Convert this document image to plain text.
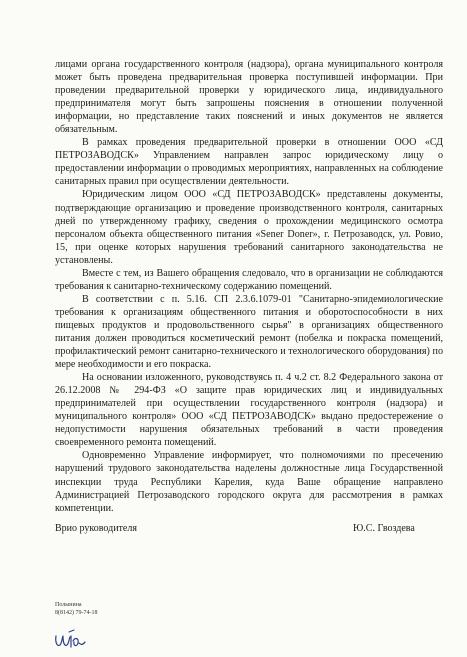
лицами органа государственного контроля (надзора), органа муниципального контроля может быть проведена предварительная проверка поступившей информации. При проведении предварительной проверки у юридического лица, индивидуального предпринимателя могут быть запрошены пояснения в отношении полученной информации, но представление таких пояснений и иных документов не является обязательным.

В рамках проведения предварительной проверки в отношении ООО «СД ПЕТРОЗАВОДСК» Управлением направлен запрос юридическому лицу о предоставлении информации о проводимых мероприятиях, направленных на соблюдение санитарных правил при осуществлении деятельности.

Юридическим лицом ООО «СД ПЕТРОЗАВОДСК» представлены документы, подтверждающие организацию и проведение производственного контроля, санитарных дней по утвержденному графику, сведения о прохождении медицинского осмотра персоналом объекта общественного питания «Sener Doner», г. Петрозаводск, ул. Ровио, 15, при оценке которых нарушения требований санитарного законодательства не установлены.

Вместе с тем, из Вашего обращения следовало, что в организации не соблюдаются требования к санитарно-техническому содержанию помещений.

В соответствии с п. 5.16. СП 2.3.6.1079-01 "Санитарно-эпидемиологические требования к организациям общественного питания и оборотоспособности в них пищевых продуктов и продовольственного сырья" в организациях общественного питания должен проводиться косметический ремонт (побелка и покраска помещений, профилактический ремонт санитарно-технического и технологического оборудования) по мере необходимости и его покраска.

На основании изложенного, руководствуясь п. 4 ч.2 ст. 8.2 Федерального закона от 26.12.2008 № 294-ФЗ «О защите прав юридических лиц и индивидуальных предпринимателей при осуществлении государственного контроля (надзора) и муниципального контроля» ООО «СД ПЕТРОЗАВОДСК» выдано предостережение о недопустимости нарушения обязательных требований в части проведения своевременного ремонта помещений.

Одновременно Управление информирует, что полномочиями по пресечению нарушений трудового законодательства наделены должностные лица Государственной инспекции труда Республики Карелия, куда Ваше обращение направлено Администрацией Петрозаводского городского округа для рассмотрения в рамках компетенции.

Врио руководителя	Ю.С. Гвоздева
Полынина
8(8142) 79-74-18
